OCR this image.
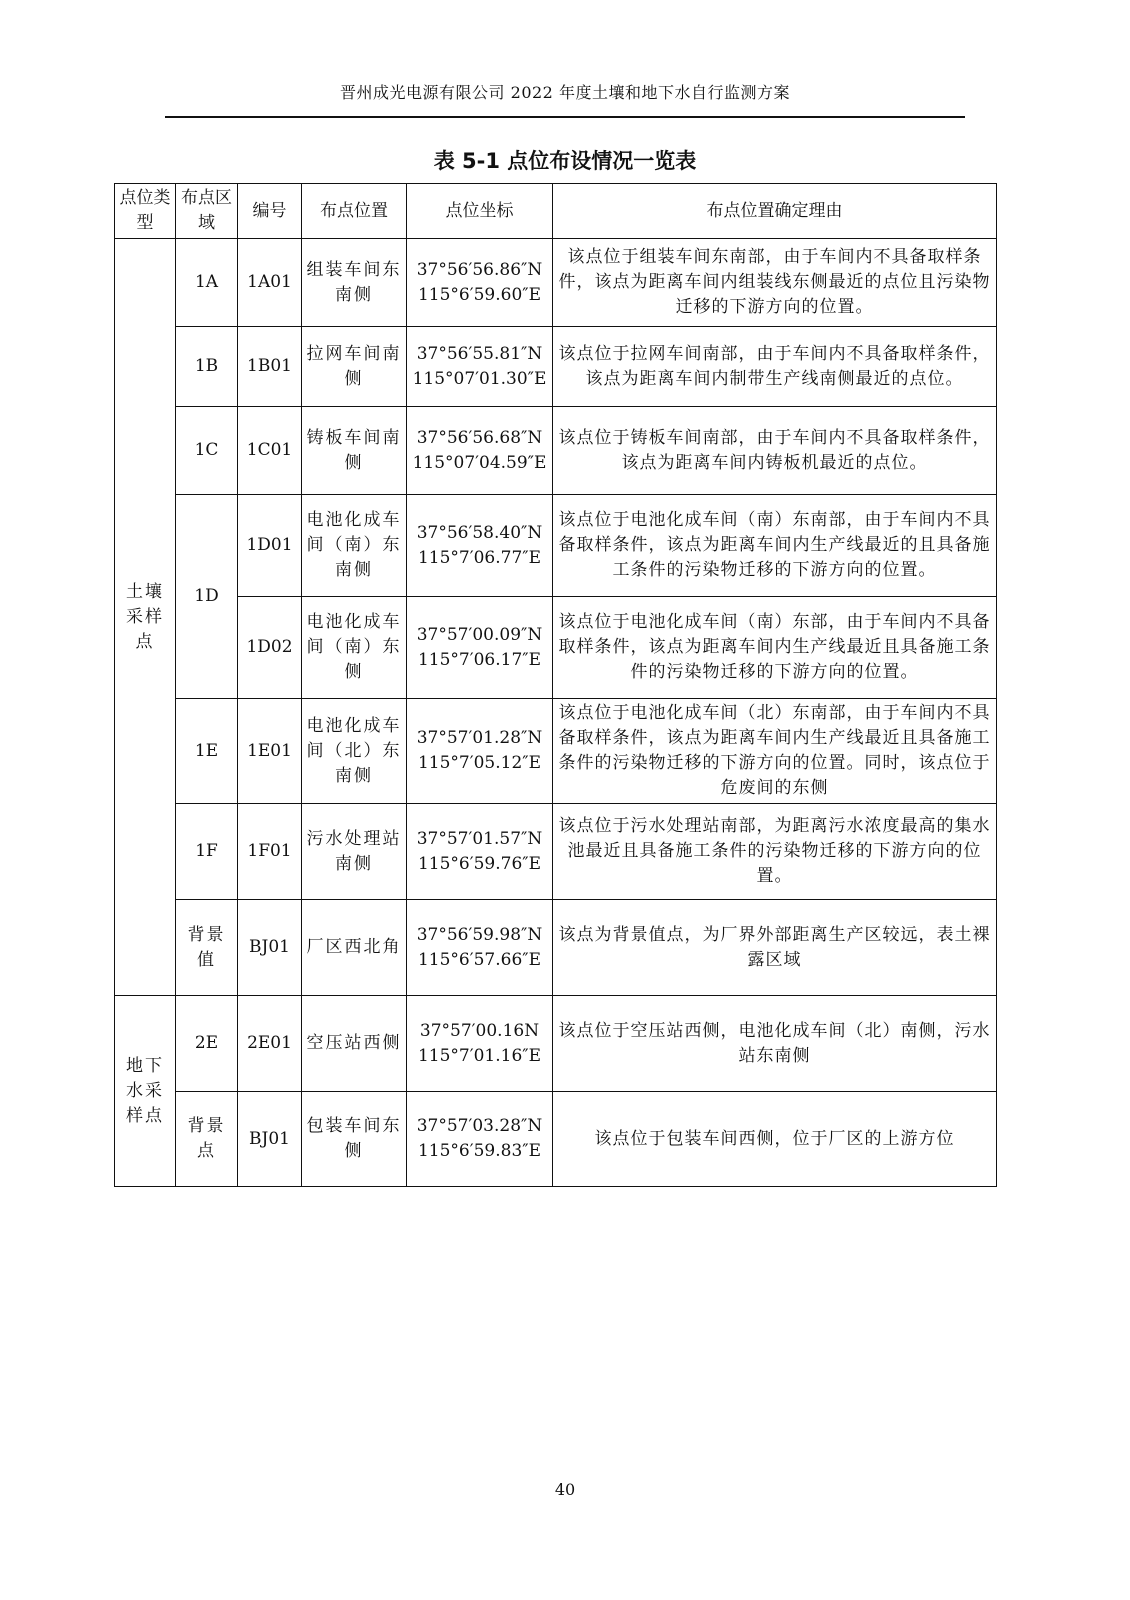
晋州成光电源有限公司 2022 年度土壤和地下水自行监测方案
表 5-1 点位布设情况一览表
点位类型	布点区域	编号	布点位置	点位坐标	布点位置确定理由
土壤采样点	1A	1A01	组装车间东南侧	37°56′56.86″N
115°6′59.60″E	该点位于组装车间东南部，由于车间内不具备取样条件，该点为距离车间内组装线东侧最近的点位且污染物迁移的下游方向的位置。
	1B	1B01	拉网车间南侧	37°56′55.81″N
115°07′01.30″E	该点位于拉网车间南部，由于车间内不具备取样条件，该点为距离车间内制带生产线南侧最近的点位。
	1C	1C01	铸板车间南侧	37°56′56.68″N
115°07′04.59″E	该点位于铸板车间南部，由于车间内不具备取样条件，该点为距离车间内铸板机最近的点位。
	1D	1D01	电池化成车间（南）东南侧	37°56′58.40″N
115°7′06.77″E	该点位于电池化成车间（南）东南部，由于车间内不具备取样条件，该点为距离车间内生产线最近的且具备施工条件的污染物迁移的下游方向的位置。
		1D02	电池化成车间（南）东侧	37°57′00.09″N
115°7′06.17″E	该点位于电池化成车间（南）东部，由于车间内不具备取样条件，该点为距离车间内生产线最近且具备施工条件的污染物迁移的下游方向的位置。
	1E	1E01	电池化成车间（北）东南侧	37°57′01.28″N
115°7′05.12″E	该点位于电池化成车间（北）东南部，由于车间内不具备取样条件，该点为距离车间内生产线最近且具备施工条件的污染物迁移的下游方向的位置。同时，该点位于危废间的东侧
	1F	1F01	污水处理站南侧	37°57′01.57″N
115°6′59.76″E	该点位于污水处理站南部，为距离污水浓度最高的集水池最近且具备施工条件的污染物迁移的下游方向的位置。
	背景值	BJ01	厂区西北角	37°56′59.98″N
115°6′57.66″E	该点为背景值点，为厂界外部距离生产区较远，表土裸露区域
地下水采样点	2E	2E01	空压站西侧	37°57′00.16N
115°7′01.16″E	该点位于空压站西侧，电池化成车间（北）南侧，污水站东南侧
	背景点	BJ01	包装车间东侧	37°57′03.28″N
115°6′59.83″E	该点位于包装车间西侧，位于厂区的上游方位
40
